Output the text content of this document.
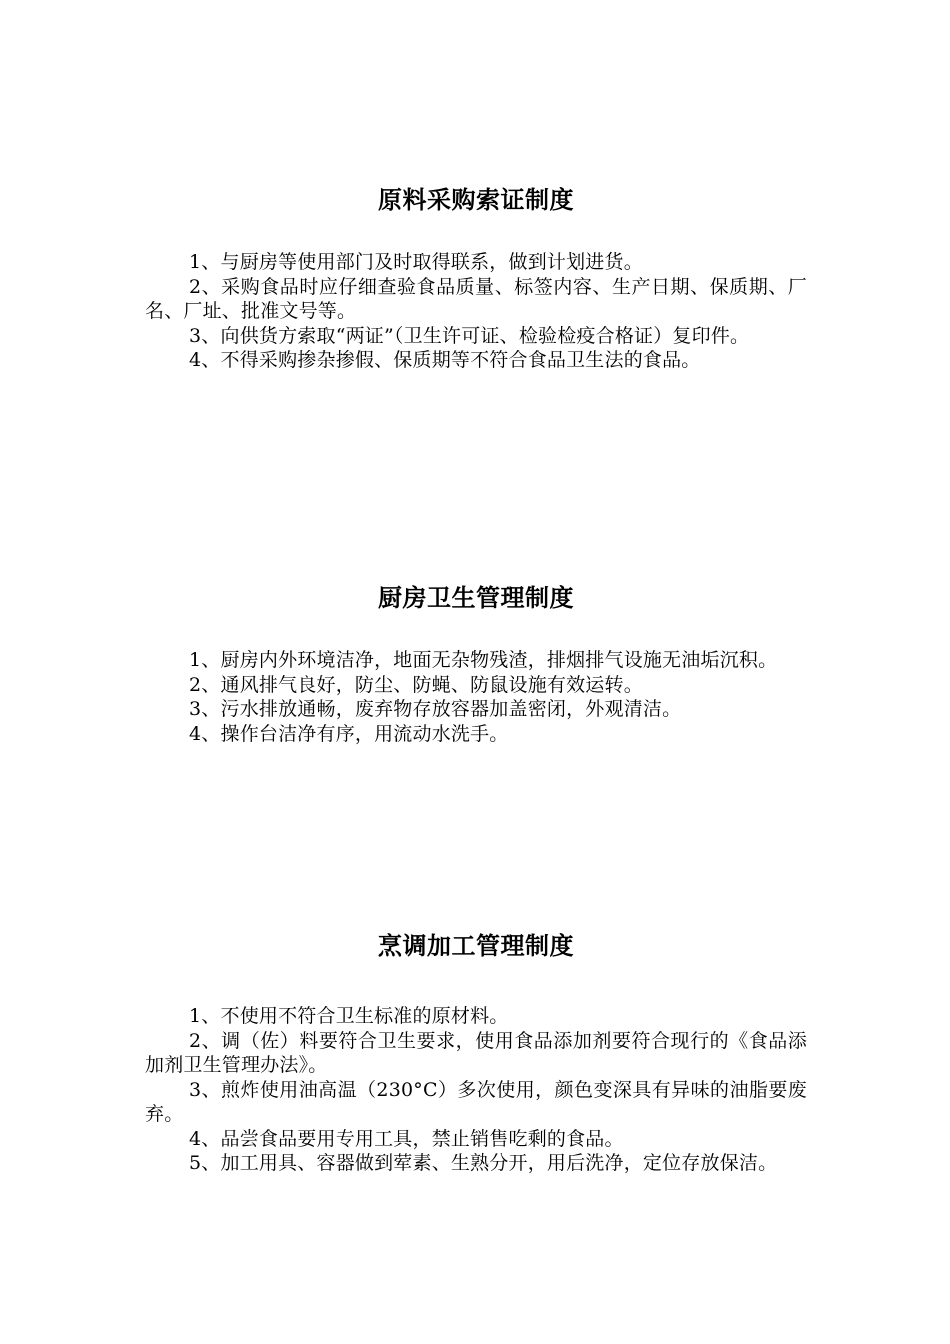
原料采购索证制度

1、与厨房等使用部门及时取得联系，做到计划进货。

2、采购食品时应仔细查验食品质量、标签内容、生产日期、保质期、厂名、厂址、批准文号等。

3、向供货方索取“两证”（卫生许可证、检验检疫合格证）复印件。

4、不得采购掺杂掺假、保质期等不符合食品卫生法的食品。

厨房卫生管理制度

1、厨房内外环境洁净，地面无杂物残渣，排烟排气设施无油垢沉积。

2、通风排气良好，防尘、防蝇、防鼠设施有效运转。

3、污水排放通畅，废弃物存放容器加盖密闭，外观清洁。

4、操作台洁净有序，用流动水洗手。

烹调加工管理制度

1、不使用不符合卫生标准的原材料。

2、调（佐）料要符合卫生要求，使用食品添加剂要符合现行的《食品添加剂卫生管理办法》。

3、煎炸使用油高温（230°C）多次使用，颜色变深具有异味的油脂要废弃。

4、品尝食品要用专用工具，禁止销售吃剩的食品。

5、加工用具、容器做到荤素、生熟分开，用后洗净，定位存放保洁。
